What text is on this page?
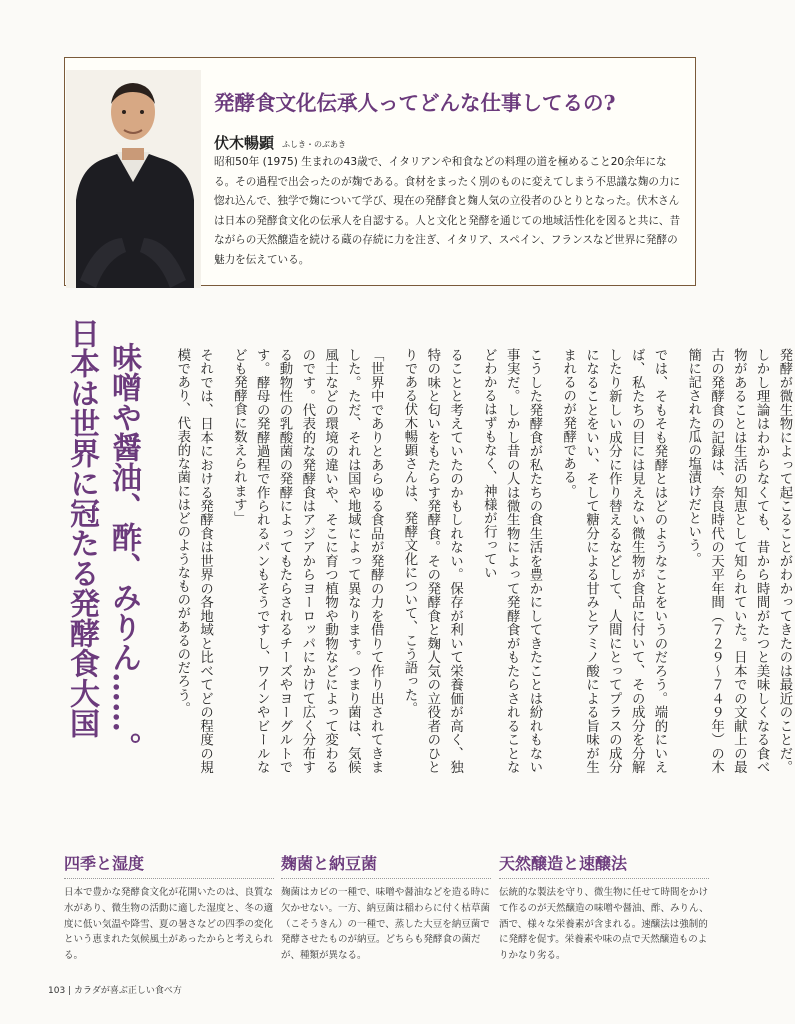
発酵食文化伝承人ってどんな仕事してるの?
伏木暢顕 ふしき・のぶあき

昭和50年 (1975) 生まれの43歳で、イタリアンや和食などの料理の道を極めること20余年になる。その過程で出会ったのが麹である。食材をまったく別のものに変えてしまう不思議な麹の力に惚れ込んで、独学で麹について学び、現在の発酵食と麹人気の立役者のひとりとなった。伏木さんは日本の発酵食文化の伝承人を自認する。人と文化と発酵を通じての地域活性化を図ると共に、昔ながらの天然醸造を続ける蔵の存続に力を注ぎ、イタリア、スペイン、フランスなど世界に発酵の魅力を伝えている。

発酵が微生物によって起こることがわかってきたのは最近のことだ。しかし理論はわからなくても、昔から時間がたつと美味しくなる食べ物があることは生活の知恵として知られていた。日本での文献上の最古の発酵食の記録は、奈良時代の天平年間（７２９〜７４９年）の木簡に記された瓜の塩漬けだという。

では、そもそも発酵とはどのようなことをいうのだろう。端的にいえば、私たちの目には見えない微生物が食品に付いて、その成分を分解したり新しい成分に作り替えるなどして、人間にとってプラスの成分になることをいい、そして糖分による甘みとアミノ酸による旨味が生まれるのが発酵である。

こうした発酵食が私たちの食生活を豊かにしてきたことは紛れもない事実だ。しかし昔の人は微生物によって発酵食がもたらされることなどわかるはずもなく、神様が行ってい

ることと考えていたのかもしれない。保存が利いて栄養価が高く、独特の味と匂いをもたらす発酵食。その発酵食と麹人気の立役者のひとりである伏木暢顕さんは、発酵文化について、こう語った。

「世界中でありとあらゆる食品が発酵の力を借りて作り出されてきました。ただ、それは国や地域によって異なります。つまり菌は、気候風土などの環境の違いや、そこに育つ植物や動物などによって変わるのです。代表的な発酵食はアジアからヨーロッパにかけて広く分布する動物性の乳酸菌の発酵によってもたらされるチーズやヨーグルトです。酵母の発酵過程で作られるパンもそうですし、ワインやビールなども発酵食に数えられます」

それでは、日本における発酵食は世界の各地域と比べてどの程度の規模であり、代表的な菌にはどのようなものがあるのだろう。

味噌や醤油、酢、みりん……。
日本は世界に冠たる発酵食大国
四季と湿度

日本で豊かな発酵食文化が花開いたのは、良質な水があり、微生物の活動に適した湿度と、冬の適度に低い気温や降雪、夏の暑さなどの四季の変化という恵まれた気候風土があったからと考えられる。

麹菌と納豆菌

麹菌はカビの一種で、味噌や醤油などを造る時に欠かせない。一方、納豆菌は稲わらに付く枯草菌（こそうきん）の一種で、蒸した大豆を納豆菌で発酵させたものが納豆。どちらも発酵食の菌だが、種類が異なる。

天然醸造と速醸法

伝統的な製法を守り、微生物に任せて時間をかけて作るのが天然醸造の味噌や醤油、酢、みりん、酒で、様々な栄養素が含まれる。速醸法は強制的に発酵を促す。栄養素や味の点で天然醸造ものよりかなり劣る。

103 | カラダが喜ぶ正しい食べ方
